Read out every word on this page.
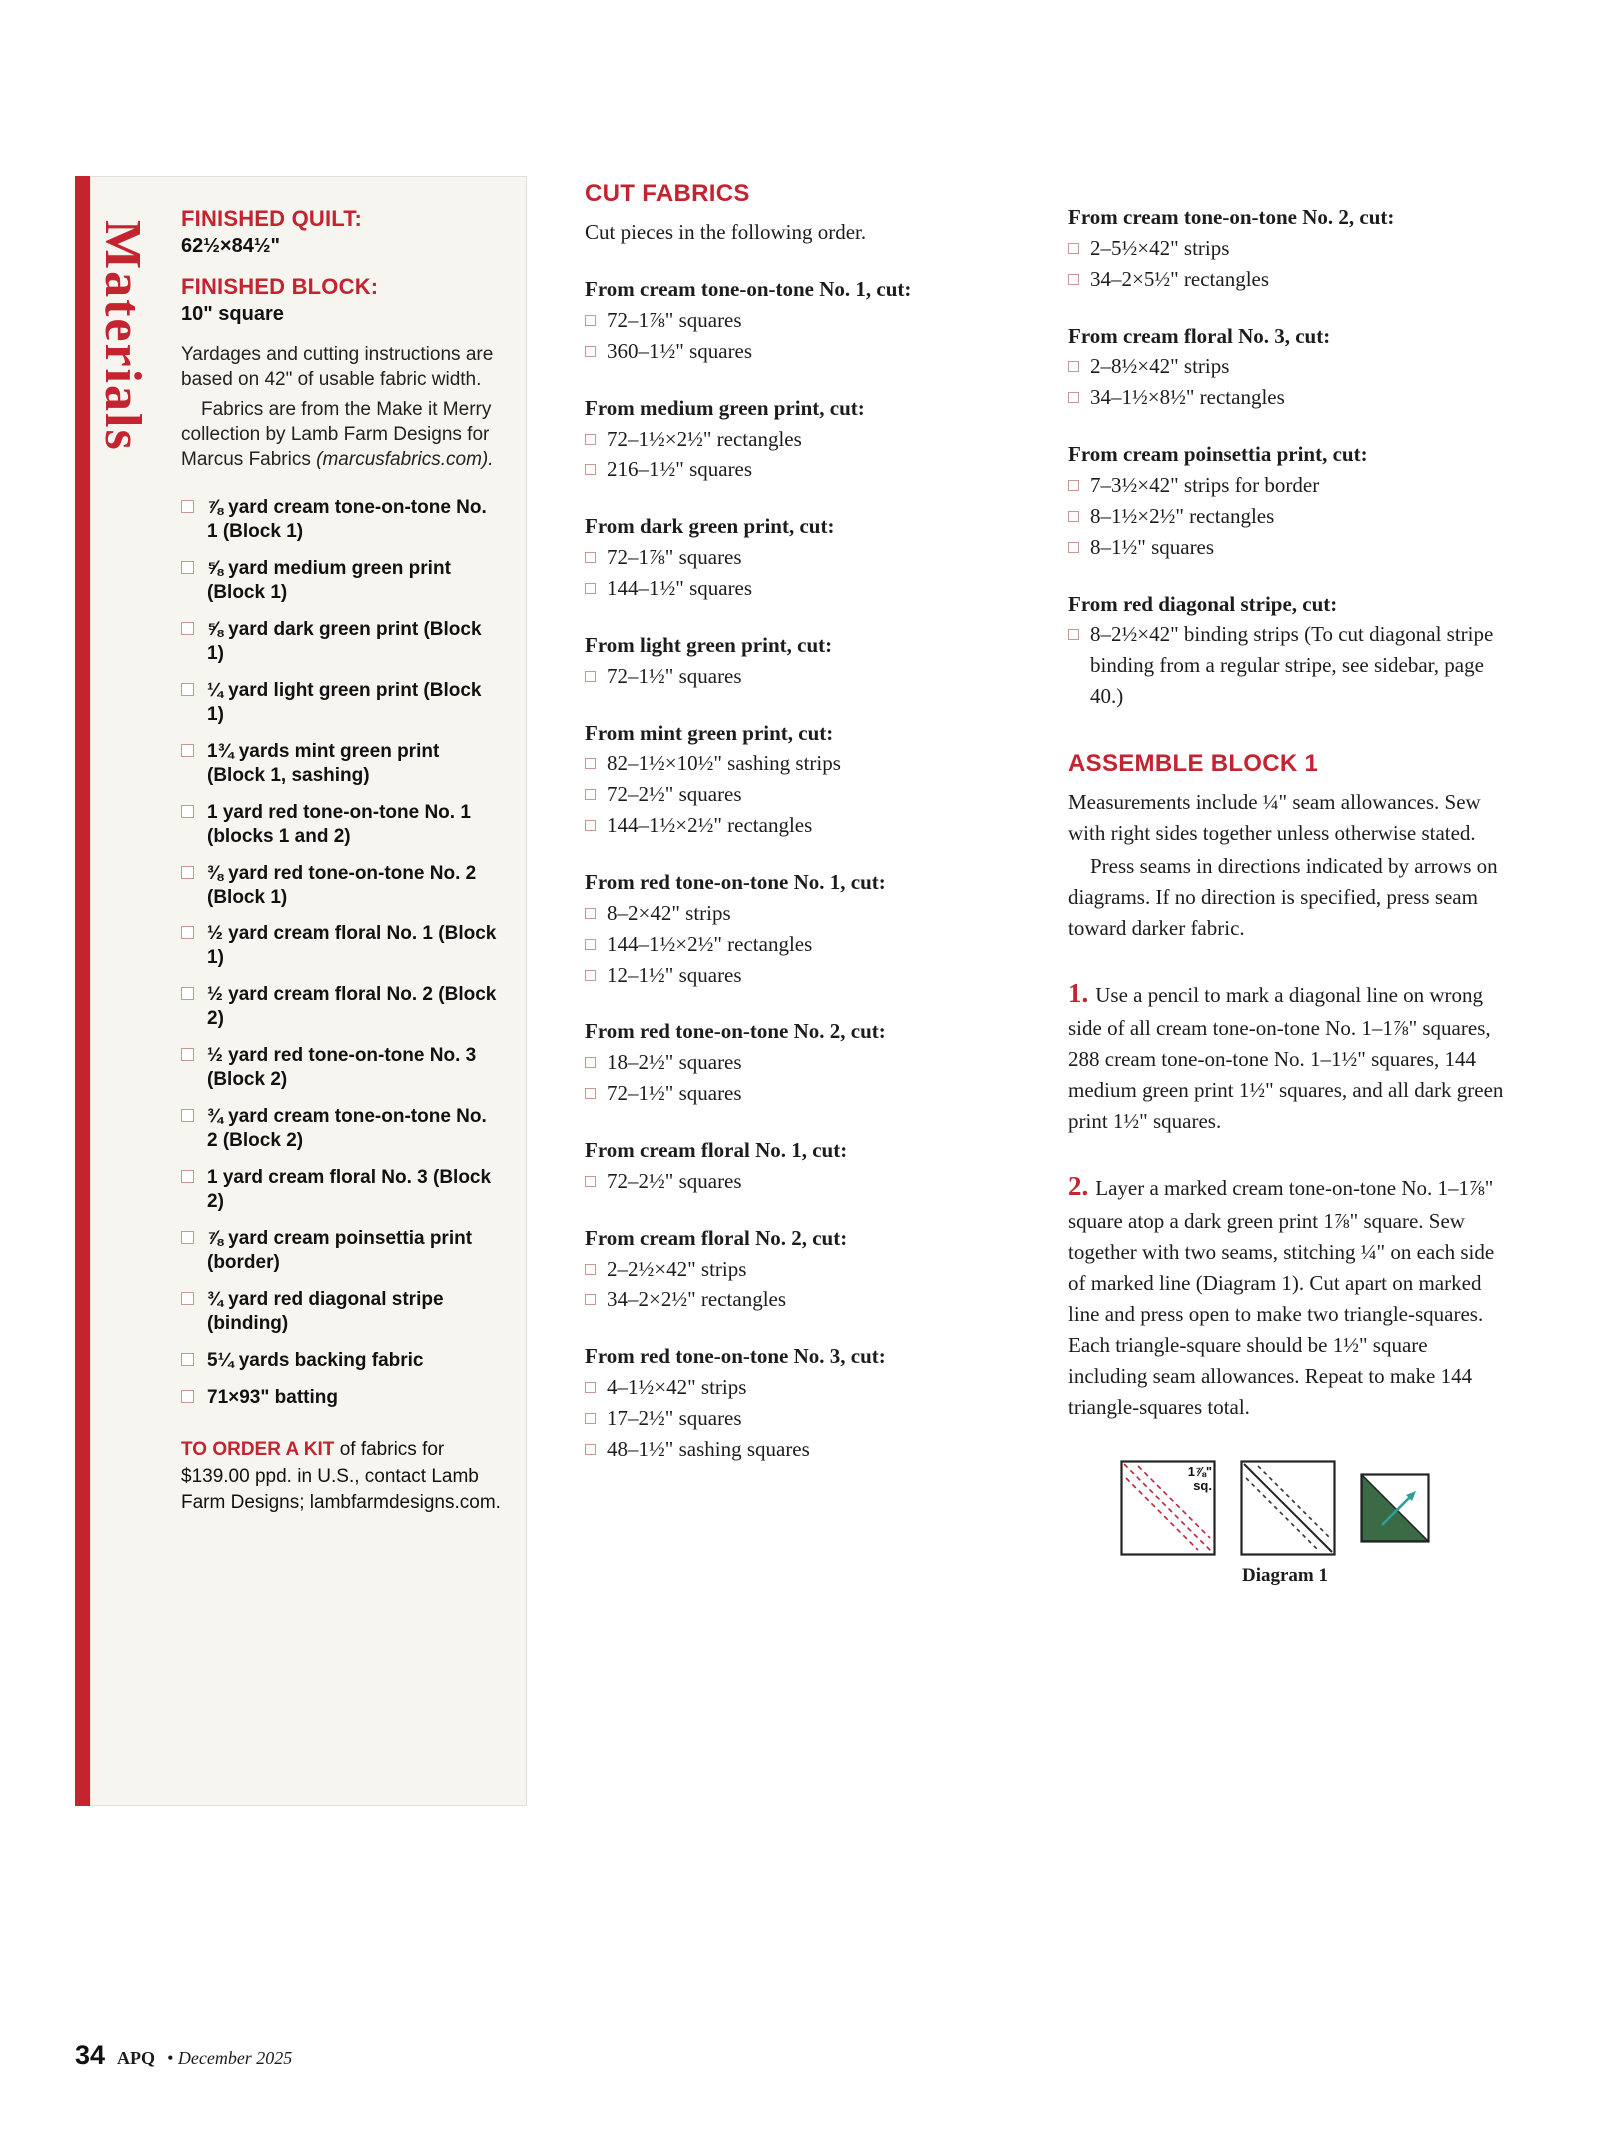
Materials
FINISHED QUILT:
62½×84½"
FINISHED BLOCK:
10" square

Yardages and cutting instructions are based on 42" of usable fabric width.

Fabrics are from the Make it Merry collection by Lamb Farm Designs for Marcus Fabrics (marcusfabrics.com).

⅞ yard cream tone-on-tone No. 1 (Block 1)
⅝ yard medium green print (Block 1)
⅝ yard dark green print (Block 1)
¼ yard light green print (Block 1)
1¾ yards mint green print (Block 1, sashing)
1 yard red tone-on-tone No. 1 (blocks 1 and 2)
⅜ yard red tone-on-tone No. 2 (Block 1)
½ yard cream floral No. 1 (Block 1)
½ yard cream floral No. 2 (Block 2)
½ yard red tone-on-tone No. 3 (Block 2)
¾ yard cream tone-on-tone No. 2 (Block 2)
1 yard cream floral No. 3 (Block 2)
⅞ yard cream poinsettia print (border)
¾ yard red diagonal stripe (binding)
5¼ yards backing fabric
71×93" batting

TO ORDER A KIT of fabrics for $139.00 ppd. in U.S., contact Lamb Farm Designs; lambfarmdesigns.com.

CUT FABRICS

Cut pieces in the following order.

From cream tone-on-tone No. 1, cut:
72–1⅞" squares
360–1½" squares
From medium green print, cut:
72–1½×2½" rectangles
216–1½" squares
From dark green print, cut:
72–1⅞" squares
144–1½" squares
From light green print, cut:
72–1½" squares
From mint green print, cut:
82–1½×10½" sashing strips
72–2½" squares
144–1½×2½" rectangles
From red tone-on-tone No. 1, cut:
8–2×42" strips
144–1½×2½" rectangles
12–1½" squares
From red tone-on-tone No. 2, cut:
18–2½" squares
72–1½" squares
From cream floral No. 1, cut:
72–2½" squares
From cream floral No. 2, cut:
2–2½×42" strips
34–2×2½" rectangles
From red tone-on-tone No. 3, cut:
4–1½×42" strips
17–2½" squares
48–1½" sashing squares
From cream tone-on-tone No. 2, cut:
2–5½×42" strips
34–2×5½" rectangles
From cream floral No. 3, cut:
2–8½×42" strips
34–1½×8½" rectangles
From cream poinsettia print, cut:
7–3½×42" strips for border
8–1½×2½" rectangles
8–1½" squares
From red diagonal stripe, cut:
8–2½×42" binding strips (To cut diagonal stripe binding from a regular stripe, see sidebar, page 40.)
ASSEMBLE BLOCK 1

Measurements include ¼" seam allowances. Sew with right sides together unless otherwise stated.

Press seams in directions indicated by arrows on diagrams. If no direction is specified, press seam toward darker fabric.

1. Use a pencil to mark a diagonal line on wrong side of all cream tone-on-tone No. 1–1⅞" squares, 288 cream tone-on-tone No. 1–1½" squares, 144 medium green print 1½" squares, and all dark green print 1½" squares.

2. Layer a marked cream tone-on-tone No. 1–1⅞" square atop a dark green print 1⅞" square. Sew together with two seams, stitching ¼" on each side of marked line (Diagram 1). Cut apart on marked line and press open to make two triangle-squares. Each triangle-square should be 1½" square including seam allowances. Repeat to make 144 triangle-squares total.

1⅞"
sq.
Diagram 1
34 APQ • December 2025
